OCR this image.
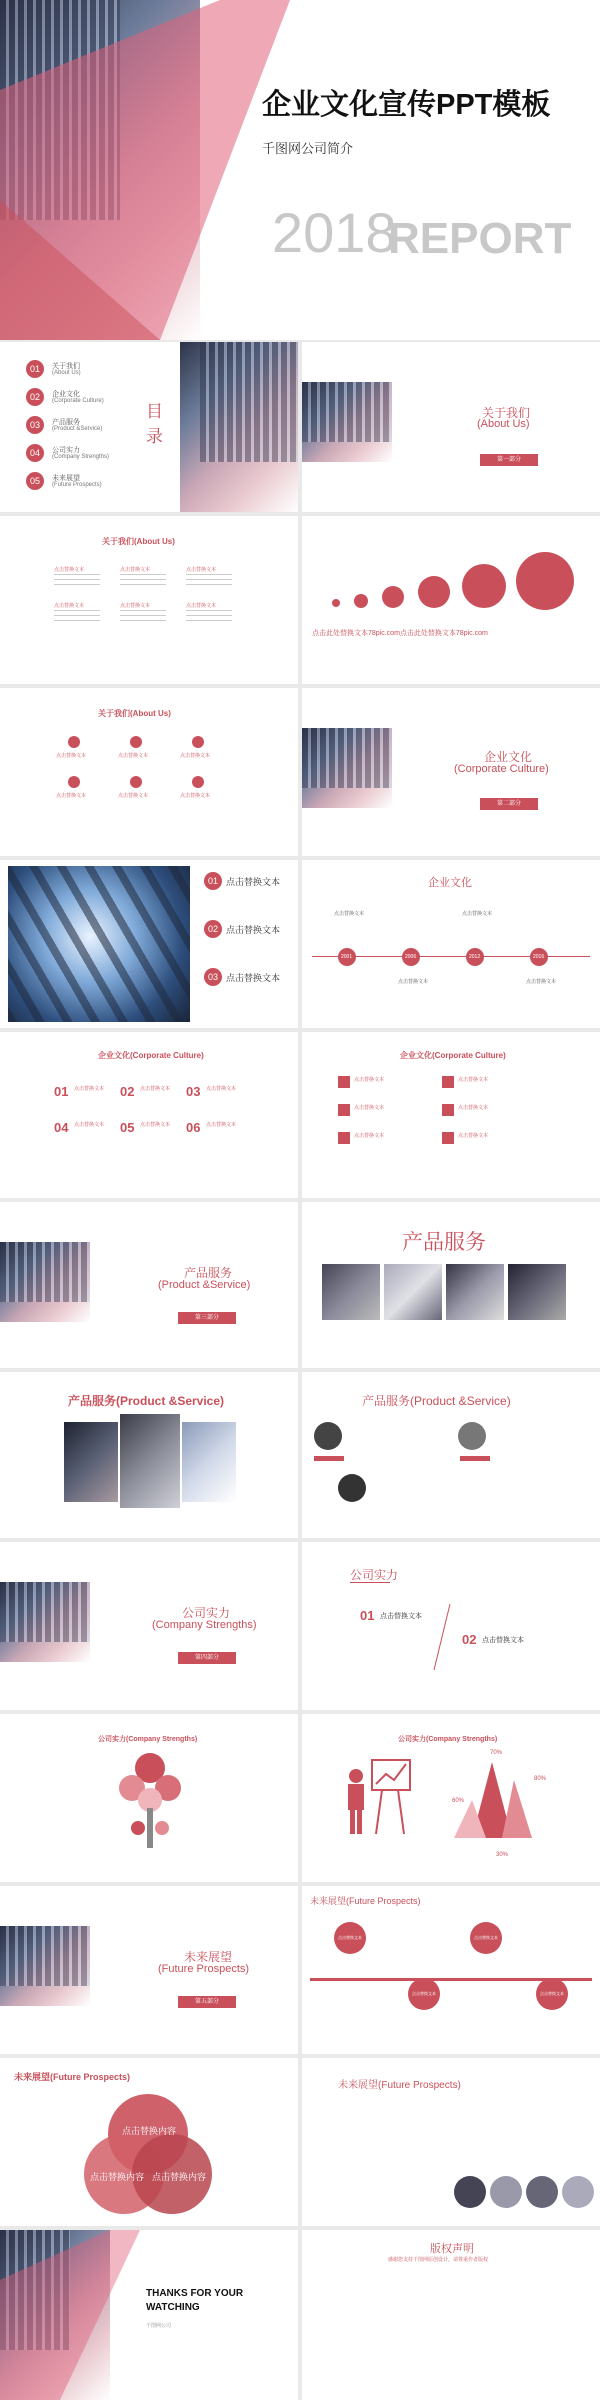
企业文化宣传PPT模板
千图网公司简介
2018
REPORT
01	关于我们
(About Us)
02	企业文化
(Corporate Culture)
03	产品服务
(Product &Service)
04	公司实力
(Company Strengths)
05	未来展望
(Future Prospects)
目
录
关于我们
(About Us)
第一部分
关于我们(About Us)
点击替换文本	点击替换文本	点击替换文本
点击替换文本	点击替换文本	点击替换文本
点击此处替换文本78pic.com点击此处替换文本78pic.com
关于我们(About Us)
点击替换文本	点击替换文本	点击替换文本
点击替换文本	点击替换文本	点击替换文本
企业文化
(Corporate Culture)
第二部分
01 点击替换文本
02 点击替换文本
03 点击替换文本
企业文化
2001
点击替换文本
2006
点击替换文本
2012
点击替换文本
2016
点击替换文本
企业文化(Corporate Culture)
01 点击替换文本 02 点击替换文本 03 点击替换文本
04 点击替换文本 05 点击替换文本 06 点击替换文本
企业文化(Corporate Culture)
点击替换文本	点击替换文本
点击替换文本	点击替换文本
点击替换文本	点击替换文本
产品服务
(Product &Service)
第三部分
产品服务
产品服务(Product &Service)	产品服务(Product &Service)
公司实力
(Company Strengths)
第四部分
公司实力
01 点击替换文本
02 点击替换文本
公司实力(Company Strengths)	公司实力(Company Strengths)
70%
80%
60%
30%
未来展望
(Future Prospects)
第五部分
未来展望(Future Prospects)
点击替换文本
点击替换文本
点击替换文本
点击替换文本
未来展望(Future Prospects)
点击替换内容
点击替换内容 点击替换内容
未来展望(Future Prospects)
THANKS FOR YOUR
WATCHING
千图网公司
版权声明
感谢您支持千图网原创设计，请尊重作者版权
